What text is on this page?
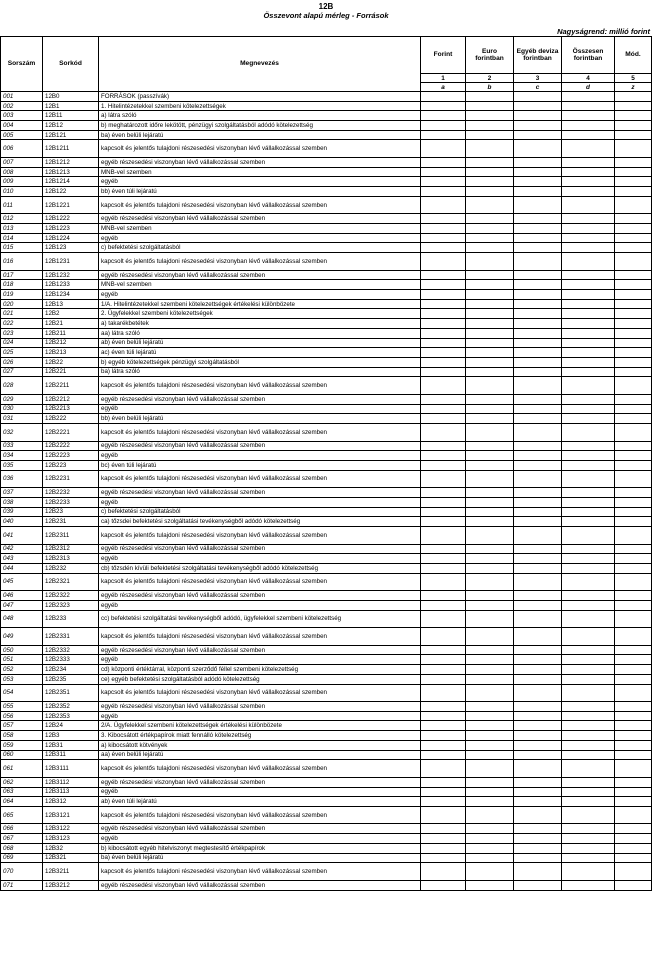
12B
Összevont alapú mérleg - Források
Nagyságrend: millió forint
Sorszám	Sorkód	Megnevezés	Forint	Euro forintban	Egyéb deviza forintban	Összesen forintban	Mód.
			1	2	3	4	5
			a	b	c	d	z
001	12B0	FORRÁSOK (passzívák)					
002	12B1	1. Hitelintézetekkel szembeni kötelezettségek					
003	12B11	a) látra szóló					
004	12B12	b) meghatározott időre lekötött, pénzügyi szolgáltatásból adódó kötelezettség					
005	12B121	ba) éven belüli lejáratú					
006	12B1211	kapcsolt és jelentős tulajdoni részesedési viszonyban lévő vállalkozással szemben					
007	12B1212	egyéb részesedési viszonyban lévő vállalkozással szemben					
008	12B1213	MNB-vel szemben					
009	12B1214	egyéb					
010	12B122	bb) éven túli lejáratú					
011	12B1221	kapcsolt és jelentős tulajdoni részesedési viszonyban lévő vállalkozással szemben					
012	12B1222	egyéb részesedési viszonyban lévő vállalkozással szemben					
013	12B1223	MNB-vel szemben					
014	12B1224	egyéb					
015	12B123	c) befektetési szolgáltatásból					
016	12B1231	kapcsolt és jelentős tulajdoni részesedési viszonyban lévő vállalkozással szemben					
017	12B1232	egyéb részesedési viszonyban lévő vállalkozással szemben					
018	12B1233	MNB-vel szemben					
019	12B1234	egyéb					
020	12B13	1/A. Hitelintézetekkel szembeni kötelezettségek értékelési különbözete					
021	12B2	2. Ügyfelekkel szembeni kötelezettségek					
022	12B21	a) takarékbetétek					
023	12B211	aa) látra szóló					
024	12B212	ab) éven belüli lejáratú					
025	12B213	ac) éven túli lejáratú					
026	12B22	b) egyéb kötelezettségek pénzügyi szolgáltatásból					
027	12B221	ba) látra szóló					
028	12B2211	kapcsolt és jelentős tulajdoni részesedési viszonyban lévő vállalkozással szemben					
029	12B2212	egyéb részesedési viszonyban lévő vállalkozással szemben					
030	12B2213	egyéb					
031	12B222	bb) éven belüli lejáratú					
032	12B2221	kapcsolt és jelentős tulajdoni részesedési viszonyban lévő vállalkozással szemben					
033	12B2222	egyéb részesedési viszonyban lévő vállalkozással szemben					
034	12B2223	egyéb					
035	12B223	bc) éven túli lejáratú					
036	12B2231	kapcsolt és jelentős tulajdoni részesedési viszonyban lévő vállalkozással szemben					
037	12B2232	egyéb részesedési viszonyban lévő vállalkozással szemben					
038	12B2233	egyéb					
039	12B23	c) befektetési szolgáltatásból					
040	12B231	ca) tőzsdei befektetési szolgáltatási tevékenységből adódó kötelezettség					
041	12B2311	kapcsolt és jelentős tulajdoni részesedési viszonyban lévő vállalkozással szemben					
042	12B2312	egyéb részesedési viszonyban lévő vállalkozással szemben					
043	12B2313	egyéb					
044	12B232	cb) tőzsdén kívüli befektetési szolgáltatási tevékenységből adódó kötelezettség					
045	12B2321	kapcsolt és jelentős tulajdoni részesedési viszonyban lévő vállalkozással szemben					
046	12B2322	egyéb részesedési viszonyban lévő vállalkozással szemben					
047	12B2323	egyéb					
048	12B233	cc) befektetési szolgáltatási tevékenységből adódó, ügyfelekkel szembeni kötelezettség					
049	12B2331	kapcsolt és jelentős tulajdoni részesedési viszonyban lévő vállalkozással szemben					
050	12B2332	egyéb részesedési viszonyban lévő vállalkozással szemben					
051	12B2333	egyéb					
052	12B234	cd) központi értéktárral, központi szerződő féllel szembeni kötelezettség					
053	12B235	ce) egyéb befektetési szolgáltatásból adódó kötelezettség					
054	12B2351	kapcsolt és jelentős tulajdoni részesedési viszonyban lévő vállalkozással szemben					
055	12B2352	egyéb részesedési viszonyban lévő vállalkozással szemben					
056	12B2353	egyéb					
057	12B24	2/A. Ügyfelekkel szembeni kötelezettségek értékelési különbözete					
058	12B3	3. Kibocsátott értékpapírok miatt fennálló kötelezettség					
059	12B31	a) kibocsátott kötvények					
060	12B311	aa) éven belüli lejáratú					
061	12B3111	kapcsolt és jelentős tulajdoni részesedési viszonyban lévő vállalkozással szemben					
062	12B3112	egyéb részesedési viszonyban lévő vállalkozással szemben					
063	12B3113	egyéb					
064	12B312	ab) éven túli lejáratú					
065	12B3121	kapcsolt és jelentős tulajdoni részesedési viszonyban lévő vállalkozással szemben					
066	12B3122	egyéb részesedési viszonyban lévő vállalkozással szemben					
067	12B3123	egyéb					
068	12B32	b) kibocsátott egyéb hitelviszonyt megtestesítő értékpapírok					
069	12B321	ba) éven belüli lejáratú					
070	12B3211	kapcsolt és jelentős tulajdoni részesedési viszonyban lévő vállalkozással szemben					
071	12B3212	egyéb részesedési viszonyban lévő vállalkozással szemben					
